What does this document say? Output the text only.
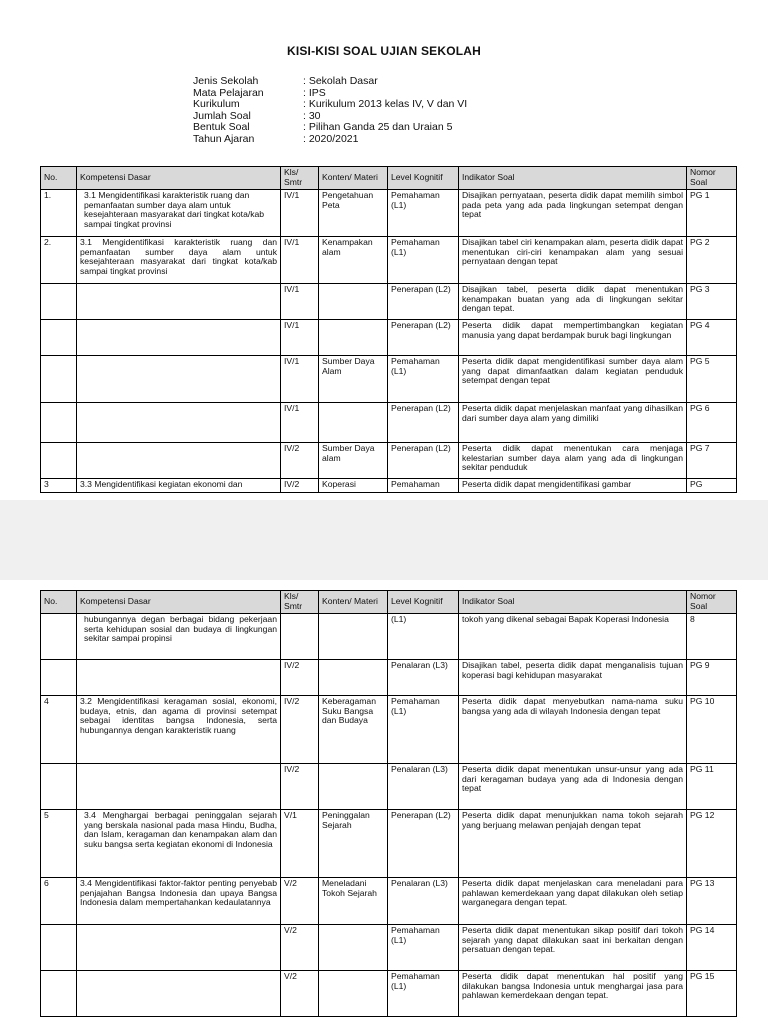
KISI-KISI SOAL UJIAN SEKOLAH
Jenis Sekolah	: Sekolah Dasar
Mata Pelajaran	: IPS
Kurikulum	: Kurikulum 2013 kelas IV, V dan VI
Jumlah Soal	: 30
Bentuk Soal	: Pilihan Ganda 25 dan Uraian 5
Tahun Ajaran	: 2020/2021
No.	Kompetensi Dasar	Kls/ Smtr	Konten/ Materi	Level Kognitif	Indikator Soal	Nomor Soal
1.	3.1 Mengidentifikasi karakteristik ruang dan pemanfaatan sumber daya alam untuk kesejahteraan masyarakat dari tingkat kota/kab sampai tingkat provinsi	IV/1	Pengetahuan Peta	Pemahaman (L1)	Disajikan pernyataan, peserta didik dapat memilih simbol pada peta yang ada pada lingkungan setempat dengan tepat	PG 1
2.	3.1 Mengidentifikasi karakteristik ruang dan pemanfaatan sumber daya alam untuk kesejahteraan masyarakat dari tingkat kota/kab sampai tingkat provinsi	IV/1	Kenampakan alam	Pemahaman (L1)	Disajikan tabel ciri kenampakan alam, peserta didik dapat menentukan ciri-ciri kenampakan alam yang sesuai pernyataan dengan tepat	PG 2
		IV/1		Penerapan (L2)	Disajikan tabel, peserta didik dapat menentukan kenampakan buatan yang ada di lingkungan sekitar dengan tepat.	PG 3
		IV/1		Penerapan (L2)	Peserta didik dapat mempertimbangkan kegiatan manusia yang dapat berdampak buruk bagi lingkungan	PG 4
		IV/1	Sumber Daya Alam	Pemahaman (L1)	Peserta didik dapat mengidentifikasi sumber daya alam yang dapat dimanfaatkan dalam kegiatan penduduk setempat dengan tepat	PG 5
		IV/1		Penerapan (L2)	Peserta didik dapat menjelaskan manfaat yang dihasilkan dari sumber daya alam yang dimiliki	PG 6
		IV/2	Sumber Daya alam	Penerapan (L2)	Peserta didik dapat menentukan cara menjaga kelestarian sumber daya alam yang ada di lingkungan sekitar penduduk	PG 7
3	3.3 Mengidentifikasi kegiatan ekonomi dan	IV/2	Koperasi	Pemahaman	Peserta didik dapat mengidentifikasi gambar	PG
No.	Kompetensi Dasar	Kls/ Smtr	Konten/ Materi	Level Kognitif	Indikator Soal	Nomor Soal
	hubungannya degan berbagai bidang pekerjaan serta kehidupan sosial dan budaya di lingkungan sekitar sampai propinsi			(L1)	tokoh yang dikenal sebagai Bapak Koperasi Indonesia	8
		IV/2		Penalaran (L3)	Disajikan tabel, peserta didik dapat menganalisis tujuan koperasi bagi kehidupan masyarakat	PG 9
4	3.2 Mengidentifikasi keragaman sosial, ekonomi, budaya, etnis, dan agama di provinsi setempat sebagai identitas bangsa Indonesia, serta hubungannya dengan karakteristik ruang	IV/2	Keberagaman Suku Bangsa dan Budaya	Pemahaman (L1)	Peserta didik dapat menyebutkan nama-nama suku bangsa yang ada di wilayah Indonesia dengan tepat	PG 10
		IV/2		Penalaran (L3)	Peserta didik dapat menentukan unsur-unsur yang ada dari keragaman budaya yang ada di Indonesia dengan tepat	PG 11
5	3.4 Menghargai berbagai peninggalan sejarah yang berskala nasional pada masa Hindu, Budha, dan Islam, keragaman dan kenampakan alam dan suku bangsa serta kegiatan ekonomi di Indonesia	V/1	Peninggalan Sejarah	Penerapan (L2)	Peserta didik dapat menunjukkan nama tokoh sejarah yang berjuang melawan penjajah dengan tepat	PG 12
6	3.4 Mengidentifikasi faktor-faktor penting penyebab penjajahan Bangsa Indonesia dan upaya Bangsa Indonesia dalam mempertahankan kedaulatannya	V/2	Meneladani Tokoh Sejarah	Penalaran (L3)	Peserta didik dapat menjelaskan cara meneladani para pahlawan kemerdekaan yang dapat dilakukan oleh setiap warganegara dengan tepat.	PG 13
		V/2		Pemahaman (L1)	Peserta didik dapat menentukan sikap positif dari tokoh sejarah yang dapat dilakukan saat ini berkaitan dengan persatuan dengan tepat.	PG 14
		V/2		Pemahaman (L1)	Peserta didik dapat menentukan hal positif yang dilakukan bangsa Indonesia untuk menghargai jasa para pahlawan kemerdekaan dengan tepat.	PG 15
